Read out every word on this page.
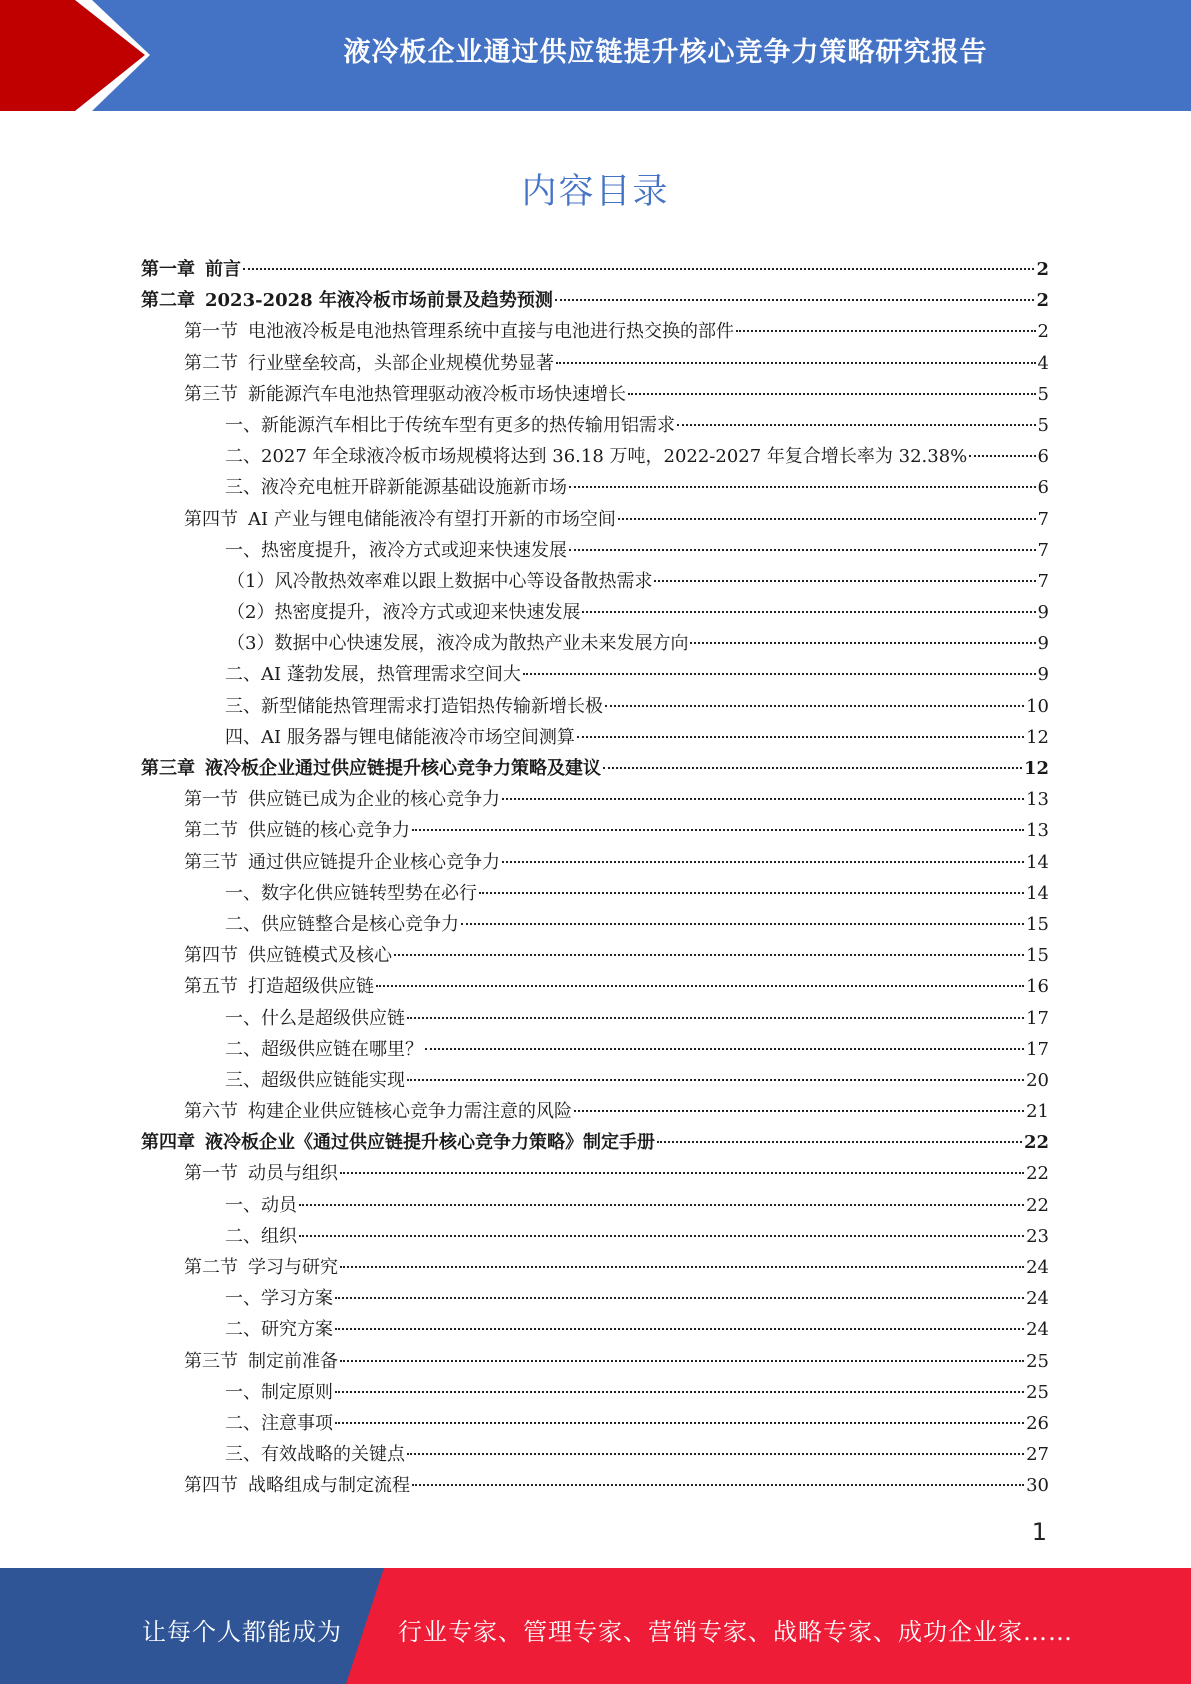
液冷板企业通过供应链提升核心竞争力策略研究报告
内容目录
第一章 前言	2
第二章 2023-2028 年液冷板市场前景及趋势预测	2
第一节 电池液冷板是电池热管理系统中直接与电池进行热交换的部件	2
第二节 行业壁垒较高，头部企业规模优势显著	4
第三节 新能源汽车电池热管理驱动液冷板市场快速增长	5
一、新能源汽车相比于传统车型有更多的热传输用铝需求	5
二、2027 年全球液冷板市场规模将达到 36.18 万吨，2022-2027 年复合增长率为 32.38%	6
三、液冷充电桩开辟新能源基础设施新市场	6
第四节 AI 产业与锂电储能液冷有望打开新的市场空间	7
一、热密度提升，液冷方式或迎来快速发展	7
（1）风冷散热效率难以跟上数据中心等设备散热需求	7
（2）热密度提升，液冷方式或迎来快速发展	9
（3）数据中心快速发展，液冷成为散热产业未来发展方向	9
二、AI 蓬勃发展，热管理需求空间大	9
三、新型储能热管理需求打造铝热传输新增长极	10
四、AI 服务器与锂电储能液冷市场空间测算	12
第三章 液冷板企业通过供应链提升核心竞争力策略及建议	12
第一节 供应链已成为企业的核心竞争力	13
第二节 供应链的核心竞争力	13
第三节 通过供应链提升企业核心竞争力	14
一、数字化供应链转型势在必行	14
二、供应链整合是核心竞争力	15
第四节 供应链模式及核心	15
第五节 打造超级供应链	16
一、什么是超级供应链	17
二、超级供应链在哪里？	17
三、超级供应链能实现	20
第六节 构建企业供应链核心竞争力需注意的风险	21
第四章 液冷板企业《通过供应链提升核心竞争力策略》制定手册	22
第一节 动员与组织	22
一、动员	22
二、组织	23
第二节 学习与研究	24
一、学习方案	24
二、研究方案	24
第三节 制定前准备	25
一、制定原则	25
二、注意事项	26
三、有效战略的关键点	27
第四节 战略组成与制定流程	30
1
让每个人都能成为 行业专家、管理专家、营销专家、战略专家、成功企业家……
